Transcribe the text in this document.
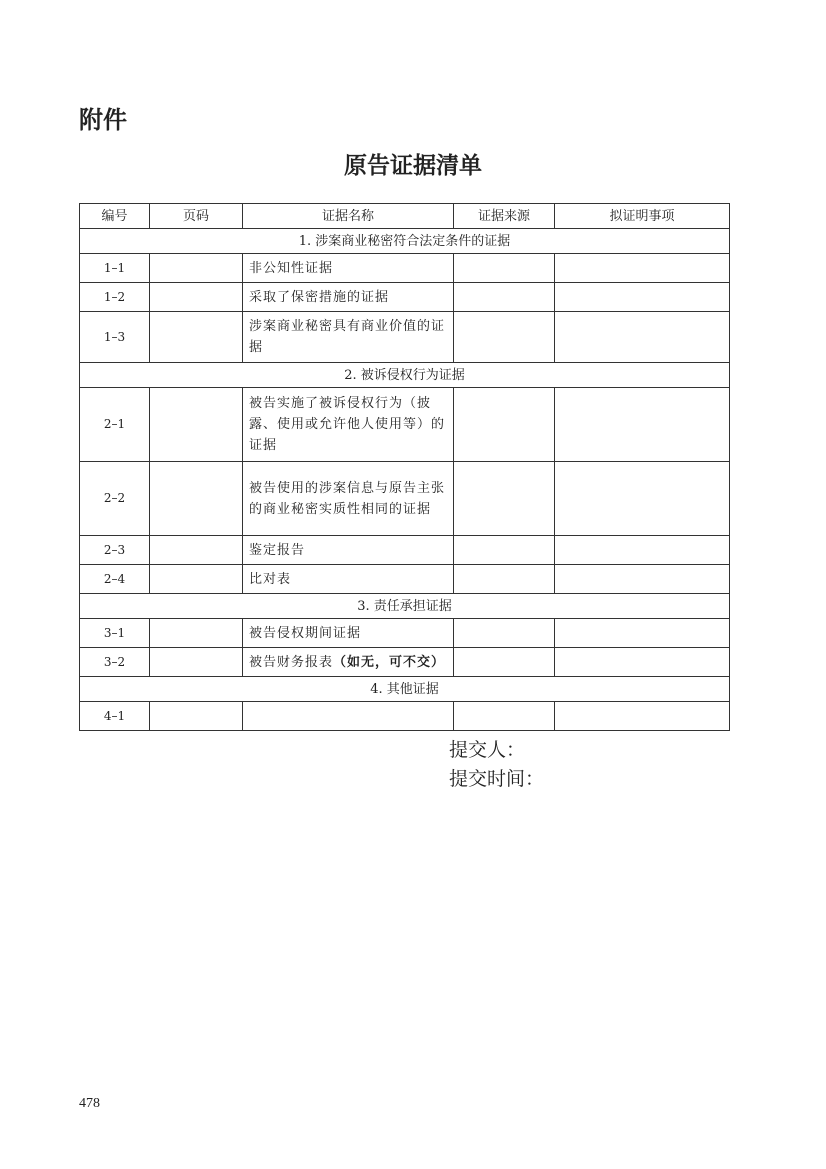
附件
原告证据清单
编号	页码	证据名称	证据来源	拟证明事项
1. 涉案商业秘密符合法定条件的证据				
1–1		非公知性证据		
1–2		采取了保密措施的证据		
1–3		涉案商业秘密具有商业价值的证据		
2. 被诉侵权行为证据				
2–1		被告实施了被诉侵权行为（披露、使用或允许他人使用等）的证据		
2–2		被告使用的涉案信息与原告主张的商业秘密实质性相同的证据		
2–3		鉴定报告		
2–4		比对表		
3. 责任承担证据				
3–1		被告侵权期间证据		
3–2		被告财务报表（如无，可不交）		
4. 其他证据				
4–1				
提交人：
提交时间：
478
